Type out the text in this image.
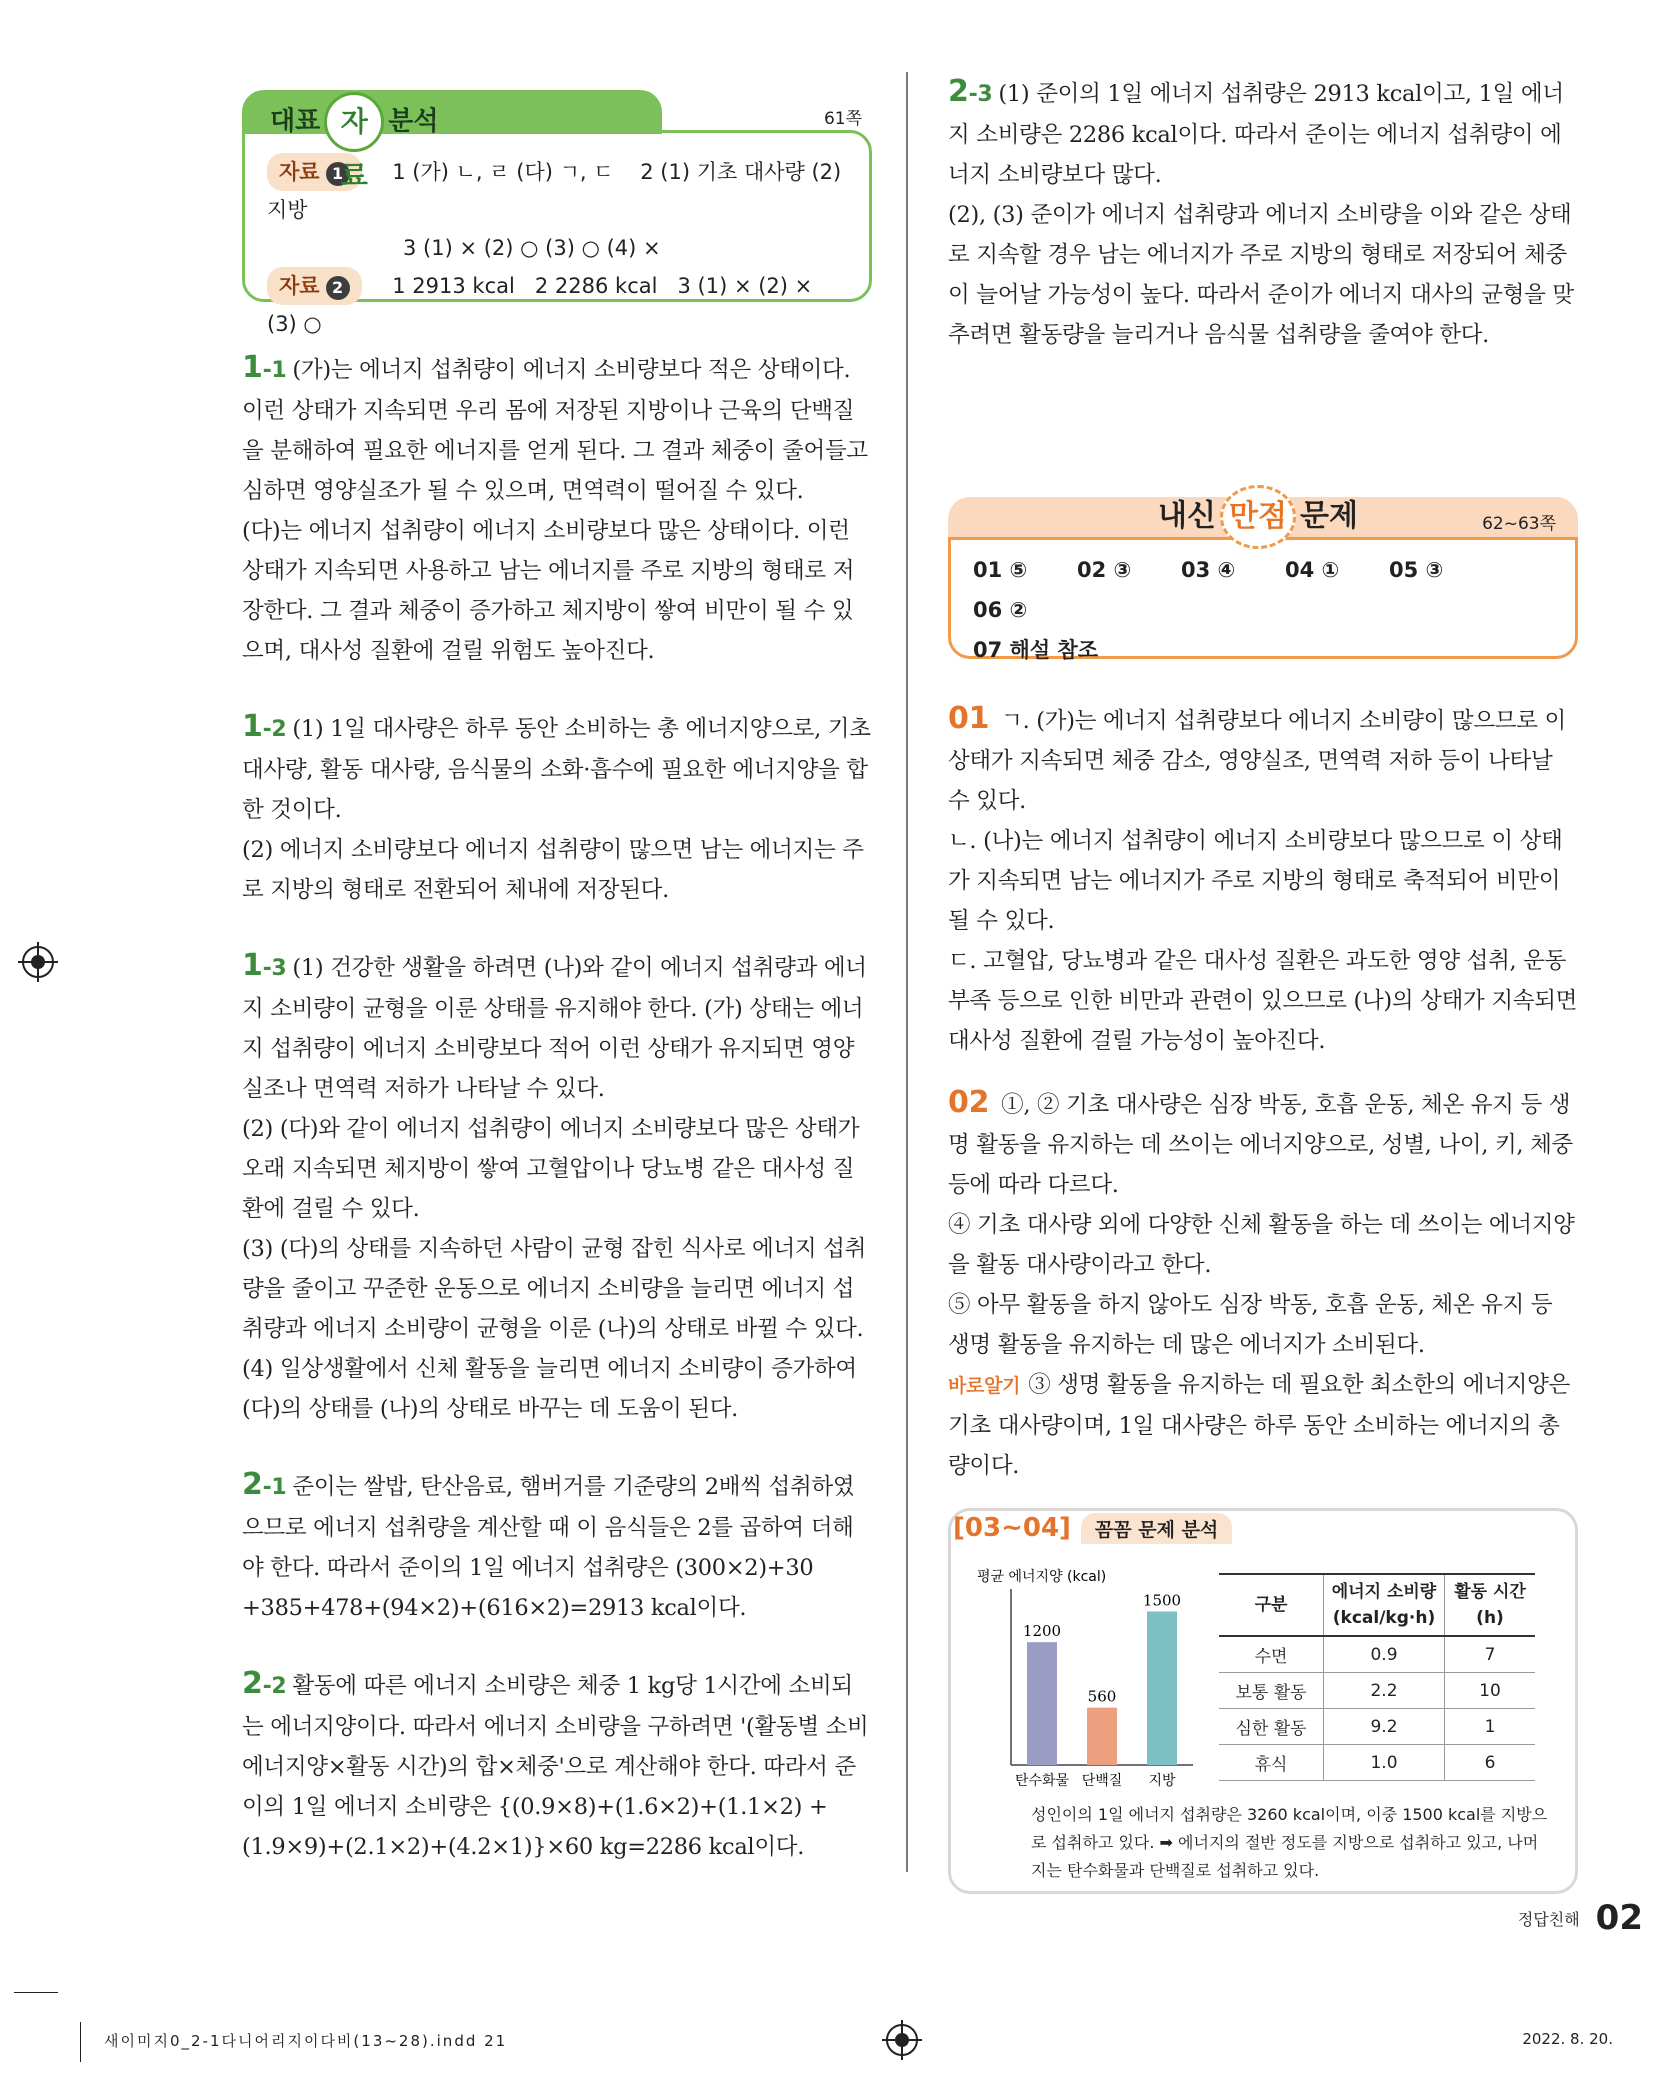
대표 자료분석	61쪽
자료 1 1 (가) ㄴ, ㄹ (다) ㄱ, ㄷ 2 (1) 기초 대사량 (2) 지방
3 (1) × (2) ○ (3) ○ (4) ×
자료 2 1 2913 kcal 2 2286 kcal 3 (1) × (2) × (3) ○

1-1 (가)는 에너지 섭취량이 에너지 소비량보다 적은 상태이다. 이런 상태가 지속되면 우리 몸에 저장된 지방이나 근육의 단백질을 분해하여 필요한 에너지를 얻게 된다. 그 결과 체중이 줄어들고 심하면 영양실조가 될 수 있으며, 면역력이 떨어질 수 있다.

(다)는 에너지 섭취량이 에너지 소비량보다 많은 상태이다. 이런 상태가 지속되면 사용하고 남는 에너지를 주로 지방의 형태로 저장한다. 그 결과 체중이 증가하고 체지방이 쌓여 비만이 될 수 있으며, 대사성 질환에 걸릴 위험도 높아진다.

1-2 (1) 1일 대사량은 하루 동안 소비하는 총 에너지양으로, 기초 대사량, 활동 대사량, 음식물의 소화·흡수에 필요한 에너지양을 합한 것이다.

(2) 에너지 소비량보다 에너지 섭취량이 많으면 남는 에너지는 주로 지방의 형태로 전환되어 체내에 저장된다.

1-3 (1) 건강한 생활을 하려면 (나)와 같이 에너지 섭취량과 에너지 소비량이 균형을 이룬 상태를 유지해야 한다. (가) 상태는 에너지 섭취량이 에너지 소비량보다 적어 이런 상태가 유지되면 영양실조나 면역력 저하가 나타날 수 있다.

(2) (다)와 같이 에너지 섭취량이 에너지 소비량보다 많은 상태가 오래 지속되면 체지방이 쌓여 고혈압이나 당뇨병 같은 대사성 질환에 걸릴 수 있다.

(3) (다)의 상태를 지속하던 사람이 균형 잡힌 식사로 에너지 섭취량을 줄이고 꾸준한 운동으로 에너지 소비량을 늘리면 에너지 섭취량과 에너지 소비량이 균형을 이룬 (나)의 상태로 바뀔 수 있다.

(4) 일상생활에서 신체 활동을 늘리면 에너지 소비량이 증가하여 (다)의 상태를 (나)의 상태로 바꾸는 데 도움이 된다.

2-1 준이는 쌀밥, 탄산음료, 햄버거를 기준량의 2배씩 섭취하였으므로 에너지 섭취량을 계산할 때 이 음식들은 2를 곱하여 더해야 한다. 따라서 준이의 1일 에너지 섭취량은 (300×2)+30 +385+478+(94×2)+(616×2)=2913 kcal이다.

2-2 활동에 따른 에너지 소비량은 체중 1 kg당 1시간에 소비되는 에너지양이다. 따라서 에너지 소비량을 구하려면 '(활동별 소비 에너지양×활동 시간)의 합×체중'으로 계산해야 한다. 따라서 준이의 1일 에너지 소비량은 {(0.9×8)+(1.6×2)+(1.1×2) +(1.9×9)+(2.1×2)+(4.2×1)}×60 kg=2286 kcal이다.

2-3 (1) 준이의 1일 에너지 섭취량은 2913 kcal이고, 1일 에너지 소비량은 2286 kcal이다. 따라서 준이는 에너지 섭취량이 에너지 소비량보다 많다.

(2), (3) 준이가 에너지 섭취량과 에너지 소비량을 이와 같은 상태로 지속할 경우 남는 에너지가 주로 지방의 형태로 저장되어 체중이 늘어날 가능성이 높다. 따라서 준이가 에너지 대사의 균형을 맞추려면 활동량을 늘리거나 음식물 섭취량을 줄여야 한다.

내신 만점 문제	62~63쪽
01 ⑤ 02 ③ 03 ④ 04 ① 05 ③06 ②
07 해설 참조

01 ㄱ. (가)는 에너지 섭취량보다 에너지 소비량이 많으므로 이 상태가 지속되면 체중 감소, 영양실조, 면역력 저하 등이 나타날 수 있다.

ㄴ. (나)는 에너지 섭취량이 에너지 소비량보다 많으므로 이 상태가 지속되면 남는 에너지가 주로 지방의 형태로 축적되어 비만이 될 수 있다.

ㄷ. 고혈압, 당뇨병과 같은 대사성 질환은 과도한 영양 섭취, 운동 부족 등으로 인한 비만과 관련이 있으므로 (나)의 상태가 지속되면 대사성 질환에 걸릴 가능성이 높아진다.

02 ①, ② 기초 대사량은 심장 박동, 호흡 운동, 체온 유지 등 생명 활동을 유지하는 데 쓰이는 에너지양으로, 성별, 나이, 키, 체중 등에 따라 다르다.

④ 기초 대사량 외에 다양한 신체 활동을 하는 데 쓰이는 에너지양을 활동 대사량이라고 한다.

⑤ 아무 활동을 하지 않아도 심장 박동, 호흡 운동, 체온 유지 등 생명 활동을 유지하는 데 많은 에너지가 소비된다.

바로알기 ③ 생명 활동을 유지하는 데 필요한 최소한의 에너지양은 기초 대사량이며, 1일 대사량은 하루 동안 소비하는 에너지의 총량이다.

[03~04] 꼼꼼 문제 분석
평균 에너지양 (kcal)
1200
탄수화물
560
단백질
1500
지방
구분	에너지 소비량 (kcal/kg·h)	활동 시간 (h)
수면	0.9	7
보통 활동	2.2	10
심한 활동	9.2	1
휴식	1.0	6
성인이의 1일 에너지 섭취량은 3260 kcal이며, 이중 1500 kcal를 지방으로 섭취하고 있다. ➡ 에너지의 절반 정도를 지방으로 섭취하고 있고, 나머지는 탄수화물과 단백질로 섭취하고 있다.
정답친해 02
새이미지0_2-1다니어리지이다비(13~28).indd 21	2022. 8. 20.
